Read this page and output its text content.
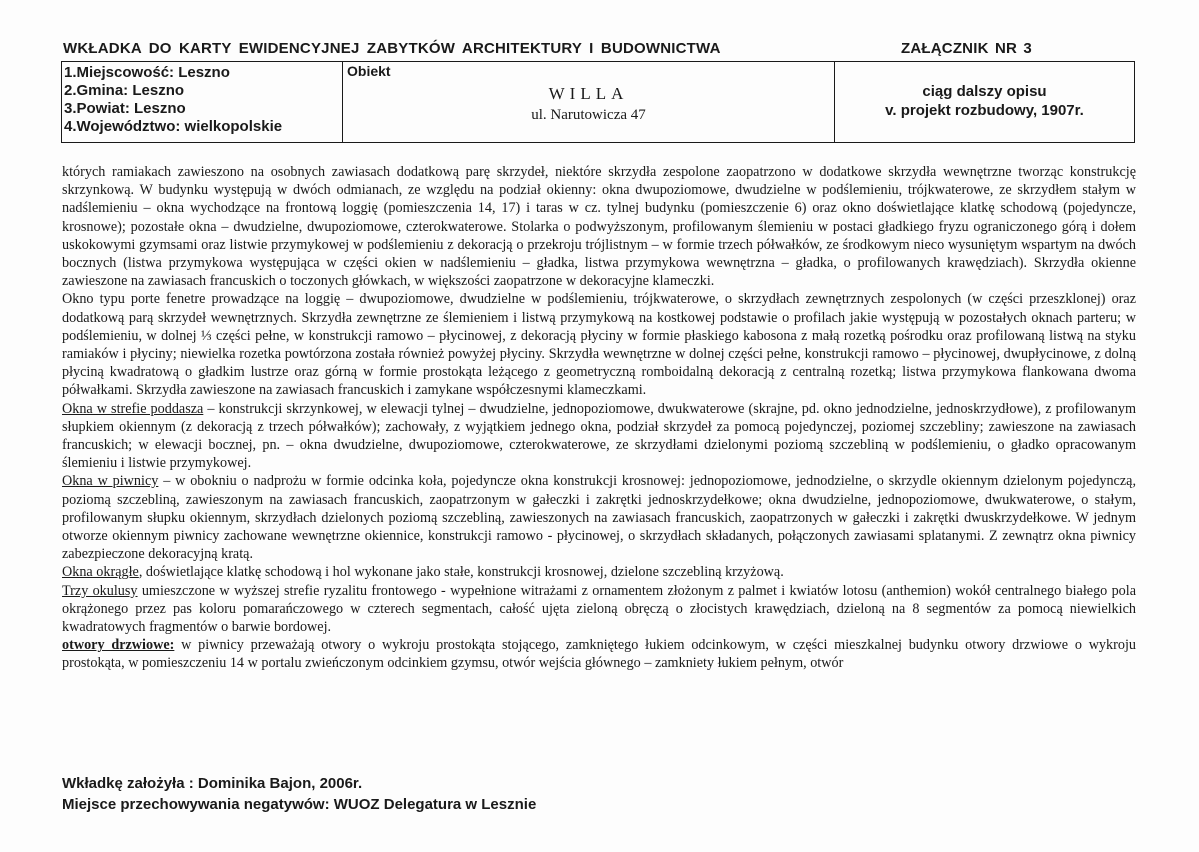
WKŁADKA DO KARTY EWIDENCYJNEJ ZABYTKÓW ARCHITEKTURY I BUDOWNICTWA	ZAŁĄCZNIK NR 3
1.Miejscowość: Leszno
2.Gmina: Leszno
3.Powiat: Leszno
4.Województwo: wielkopolskie

Obiekt
WILLA
ul. Narutowicza 47

ciąg dalszy opisu
v. projekt rozbudowy, 1907r.

których ramiakach zawieszono na osobnych zawiasach dodatkową parę skrzydeł, niektóre skrzydła zespolone zaopatrzono w dodatkowe skrzydła wewnętrzne tworząc konstrukcję skrzynkową. W budynku występują w dwóch odmianach, ze względu na podział okienny: okna dwupoziomowe, dwudzielne w podślemieniu, trójkwaterowe, ze skrzydłem stałym w nadślemieniu – okna wychodzące na frontową loggię (pomieszczenia 14, 17) i taras w cz. tylnej budynku (pomieszczenie 6) oraz okno doświetlające klatkę schodową (pojedyncze, krosnowe); pozostałe okna – dwudzielne, dwupoziomowe, czterokwaterowe. Stolarka o podwyższonym, profilowanym ślemieniu w postaci gładkiego fryzu ograniczonego górą i dołem uskokowymi gzymsami oraz listwie przymykowej w podślemieniu z dekoracją o przekroju trójlistnym – w formie trzech półwałków, ze środkowym nieco wysuniętym wspartym na dwóch bocznych (listwa przymykowa występująca w części okien w nadślemieniu – gładka, listwa przymykowa wewnętrzna – gładka, o profilowanych krawędziach). Skrzydła okienne zawieszone na zawiasach francuskich o toczonych główkach, w większości zaopatrzone w dekoracyjne klameczki.

Okno typu porte fenetre prowadzące na loggię – dwupoziomowe, dwudzielne w podślemieniu, trójkwaterowe, o skrzydłach zewnętrznych zespolonych (w części przeszklonej) oraz dodatkową parą skrzydeł wewnętrznych. Skrzydła zewnętrzne ze ślemieniem i listwą przymykową na kostkowej podstawie o profilach jakie występują w pozostałych oknach parteru; w podślemieniu, w dolnej ⅓ części pełne, w konstrukcji ramowo – płycinowej, z dekoracją płyciny w formie płaskiego kabosona z małą rozetką pośrodku oraz profilowaną listwą na styku ramiaków i płyciny; niewielka rozetka powtórzona została również powyżej płyciny. Skrzydła wewnętrzne w dolnej części pełne, konstrukcji ramowo – płycinowej, dwupłycinowe, z dolną płyciną kwadratową o gładkim lustrze oraz górną w formie prostokąta leżącego z geometryczną romboidalną dekoracją z centralną rozetką; listwa przymykowa flankowana dwoma półwałkami. Skrzydła zawieszone na zawiasach francuskich i zamykane współczesnymi klameczkami.

Okna w strefie poddasza – konstrukcji skrzynkowej, w elewacji tylnej – dwudzielne, jednopoziomowe, dwukwaterowe (skrajne, pd. okno jednodzielne, jednoskrzydłowe), z profilowanym słupkiem okiennym (z dekoracją z trzech półwałków); zachowały, z wyjątkiem jednego okna, podział skrzydeł za pomocą pojedynczej, poziomej szczebliny; zawieszone na zawiasach francuskich; w elewacji bocznej, pn. – okna dwudzielne, dwupoziomowe, czterokwaterowe, ze skrzydłami dzielonymi poziomą szczebliną w podślemieniu, o gładko opracowanym ślemieniu i listwie przymykowej.

Okna w piwnicy – w obokniu o nadprożu w formie odcinka koła, pojedyncze okna konstrukcji krosnowej: jednopoziomowe, jednodzielne, o skrzydle okiennym dzielonym pojedynczą, poziomą szczebliną, zawieszonym na zawiasach francuskich, zaopatrzonym w gałeczki i zakrętki jednoskrzydełkowe; okna dwudzielne, jednopoziomowe, dwukwaterowe, o stałym, profilowanym słupku okiennym, skrzydłach dzielonych poziomą szczebliną, zawieszonych na zawiasach francuskich, zaopatrzonych w gałeczki i zakrętki dwuskrzydełkowe. W jednym otworze okiennym piwnicy zachowane wewnętrzne okiennice, konstrukcji ramowo - płycinowej, o skrzydłach składanych, połączonych zawiasami splatanymi. Z zewnątrz okna piwnicy zabezpieczone dekoracyjną kratą.

Okna okrągłe, doświetlające klatkę schodową i hol wykonane jako stałe, konstrukcji krosnowej, dzielone szczebliną krzyżową.

Trzy okulusy umieszczone w wyższej strefie ryzalitu frontowego - wypełnione witrażami z ornamentem złożonym z palmet i kwiatów lotosu (anthemion) wokół centralnego białego pola okrążonego przez pas koloru pomarańczowego w czterech segmentach, całość ujęta zieloną obręczą o złocistych krawędziach, dzieloną na 8 segmentów za pomocą niewielkich kwadratowych fragmentów o barwie bordowej.

otwory drzwiowe: w piwnicy przeważają otwory o wykroju prostokąta stojącego, zamkniętego łukiem odcinkowym, w części mieszkalnej budynku otwory drzwiowe o wykroju prostokąta, w pomieszczeniu 14 w portalu zwieńczonym odcinkiem gzymsu, otwór wejścia głównego – zamkniety łukiem pełnym, otwór

Wkładkę założyła : Dominika Bajon, 2006r.
Miejsce przechowywania negatywów: WUOZ Delegatura w Lesznie
